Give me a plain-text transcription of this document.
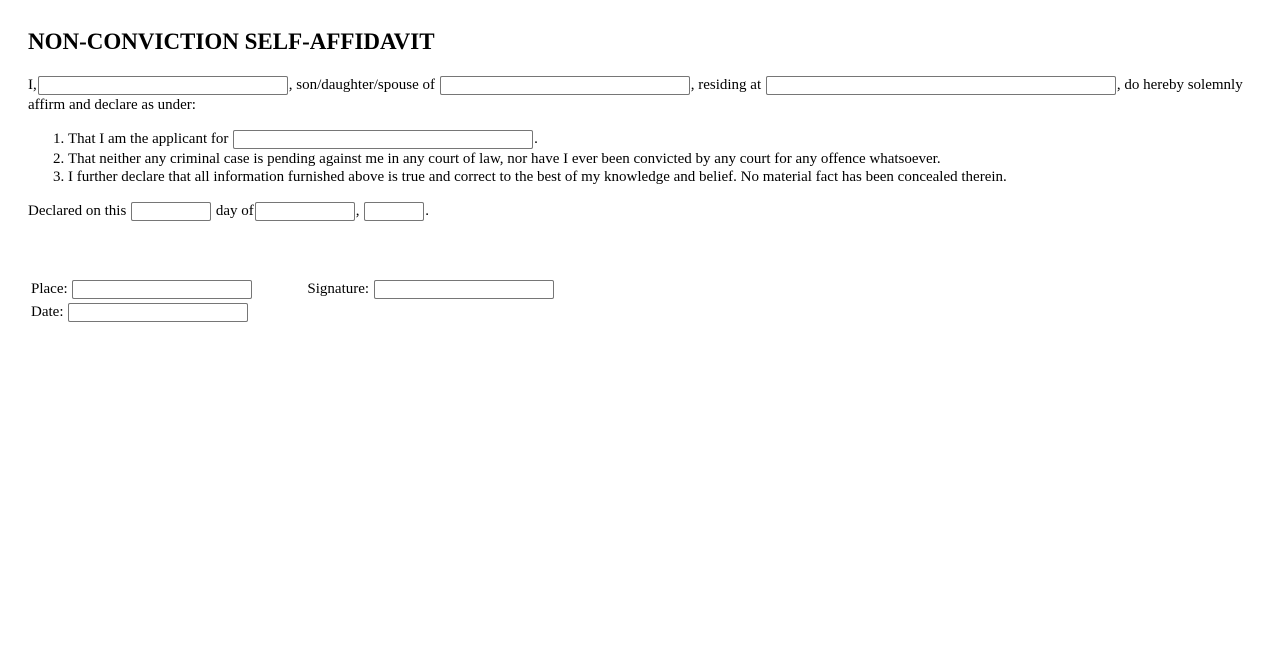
NON-CONVICTION SELF-AFFIDAVIT

I,	, son/daughter/spouse of	, residing at	, do hereby solemnly affirm and declare as under:

1. That I am the applicant for	.
2. That neither any criminal case is pending against me in any court of law, nor have I ever been convicted by any court for any offence whatsoever.
3. I further declare that all information furnished above is true and correct to the best of my knowledge and belief. No material fact has been concealed therein.

Declared on this	day of	,	.

Place:		Signature:
Date:		
